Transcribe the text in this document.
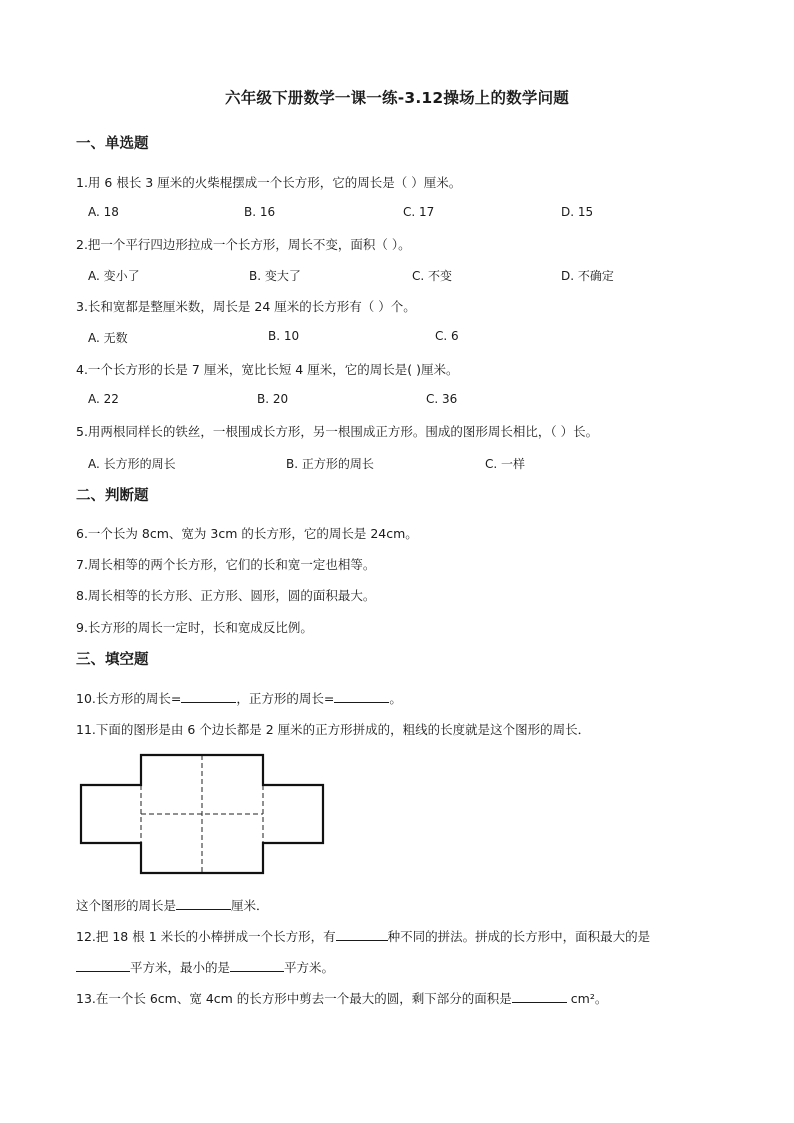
六年级下册数学一课一练-3.12操场上的数学问题
一、单选题
1.用 6 根长 3 厘米的火柴棍摆成一个长方形，它的周长是（ ）厘米。
A. 18	B. 16	C. 17	D. 15
2.把一个平行四边形拉成一个长方形，周长不变，面积（ ）。
A. 变小了	B. 变大了	C. 不变	D. 不确定
3.长和宽都是整厘米数，周长是 24 厘米的长方形有（ ）个。
A. 无数	B. 10	C. 6
4.一个长方形的长是 7 厘米，宽比长短 4 厘米，它的周长是( )厘米。
A. 22	B. 20	C. 36
5.用两根同样长的铁丝，一根围成长方形，另一根围成正方形。围成的图形周长相比，（ ）长。
A. 长方形的周长	B. 正方形的周长	C. 一样
二、判断题
6.一个长为 8cm、宽为 3cm 的长方形，它的周长是 24cm。
7.周长相等的两个长方形，它们的长和宽一定也相等。
8.周长相等的长方形、正方形、圆形，圆的面积最大。
9.长方形的周长一定时，长和宽成反比例。
三、填空题
10.长方形的周长=	，正方形的周长=	。
11.下面的图形是由 6 个边长都是 2 厘米的正方形拼成的，粗线的长度就是这个图形的周长．
这个图形的周长是	厘米．
12.把 18 根 1 米长的小棒拼成一个长方形，有	种不同的拼法。拼成的长方形中，面积最大的是
平方米，最小的是	平方米。
13.在一个长 6cm、宽 4cm 的长方形中剪去一个最大的圆，剩下部分的面积是	cm²。
